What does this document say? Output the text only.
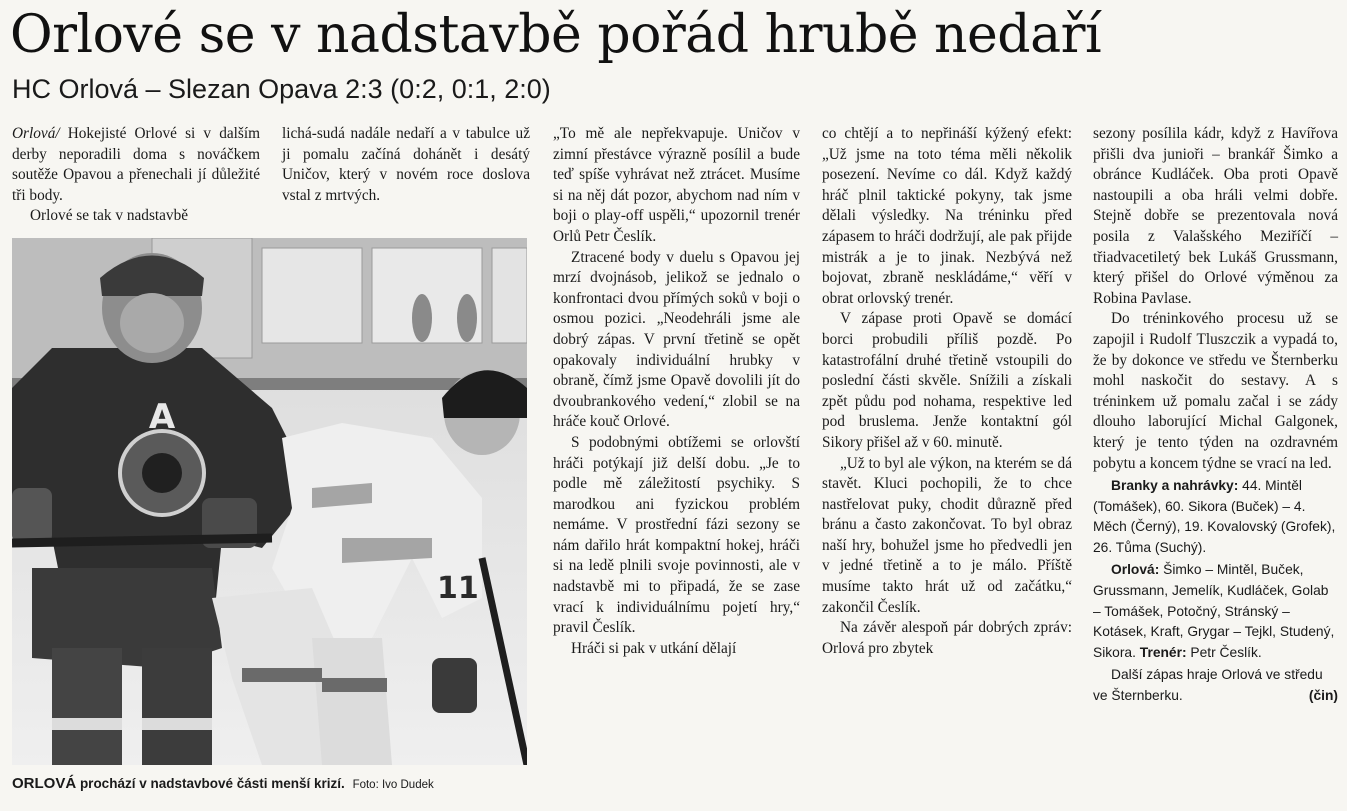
Orlové se v nadstavbě pořád hrubě nedaří
HC Orlová – Slezan Opava 2:3 (0:2, 0:1, 2:0)

Orlová/ Hokejisté Orlové si v dalším derby neporadili doma s nováčkem soutěže Opavou a přenechali jí důležité tři body.

Orlové se tak v nadstavbě

lichá-sudá nadále nedaří a v tabulce už ji pomalu začíná dohánět i desátý Uničov, který v novém roce doslova vstal z mrtvých.

A
11
ORLOVÁ prochází v nadstavbové části menší krizí. Foto: Ivo Dudek

„To mě ale nepřekvapuje. Uničov v zimní přestávce výrazně posílil a bude teď spíše vyhrávat než ztrácet. Musíme si na něj dát pozor, abychom nad ním v boji o play-off uspěli,“ upozornil trenér Orlů Petr Česlík.

Ztracené body v duelu s Opavou jej mrzí dvojnásob, jelikož se jednalo o konfrontaci dvou přímých soků v boji o osmou pozici. „Neodehráli jsme ale dobrý zápas. V první třetině se opět opakovaly individuální hrubky v obraně, čímž jsme Opavě dovolili jít do dvoubrankového vedení,“ zlobil se na hráče kouč Orlové.

S podobnými obtížemi se orlovští hráči potýkají již delší dobu. „Je to podle mě záležitostí psychiky. S marodkou ani fyzickou problém nemáme. V prostřední fázi sezony se nám dařilo hrát kompaktní hokej, hráči si na ledě plnili svoje povinnosti, ale v nadstavbě mi to připadá, že se zase vrací k individuálnímu pojetí hry,“ pravil Česlík.

Hráči si pak v utkání dělají

co chtějí a to nepřináší kýžený efekt: „Už jsme na toto téma měli několik posezení. Nevíme co dál. Když každý hráč plnil taktické pokyny, tak jsme dělali výsledky. Na tréninku před zápasem to hráči dodržují, ale pak přijde mistrák a je to jinak. Nezbývá než bojovat, zbraně neskládáme,“ věří v obrat orlovský trenér.

V zápase proti Opavě se domácí borci probudili příliš pozdě. Po katastrofální druhé třetině vstoupili do poslední části skvěle. Snížili a získali zpět půdu pod nohama, respektive led pod bruslema. Jenže kontaktní gól Sikory přišel až v 60. minutě.

„Už to byl ale výkon, na kterém se dá stavět. Kluci pochopili, že to chce nastřelovat puky, chodit důrazně před bránu a často zakončovat. To byl obraz naší hry, bohužel jsme ho předvedli jen v jedné třetině a to je málo. Příště musíme takto hrát už od začátku,“ zakončil Česlík.

Na závěr alespoň pár dobrých zpráv: Orlová pro zbytek

sezony posílila kádr, když z Havířova přišli dva junioři – brankář Šimko a obránce Kudláček. Oba proti Opavě nastoupili a oba hráli velmi dobře. Stejně dobře se prezentovala nová posila z Valašského Meziříčí – třiadvacetiletý bek Lukáš Grussmann, který přišel do Orlové výměnou za Robina Pavlase.

Do tréninkového procesu už se zapojil i Rudolf Tluszczik a vypadá to, že by dokonce ve středu ve Šternberku mohl naskočit do sestavy. A s tréninkem už pomalu začal i se zády dlouho laborující Michal Galgonek, který je tento týden na ozdravném pobytu a koncem týdne se vrací na led.

Branky a nahrávky: 44. Mintěl (Tomášek), 60. Sikora (Buček) – 4. Měch (Černý), 19. Kovalovský (Grofek), 26. Tůma (Suchý).

Orlová: Šimko – Mintěl, Buček, Grussmann, Jemelík, Kudláček, Golab – Tomášek, Potočný, Stránský – Kotásek, Kraft, Grygar – Tejkl, Studený, Sikora. Trenér: Petr Česlík.

Další zápas hraje Orlová ve středu ve Šternberku.	(čin)
